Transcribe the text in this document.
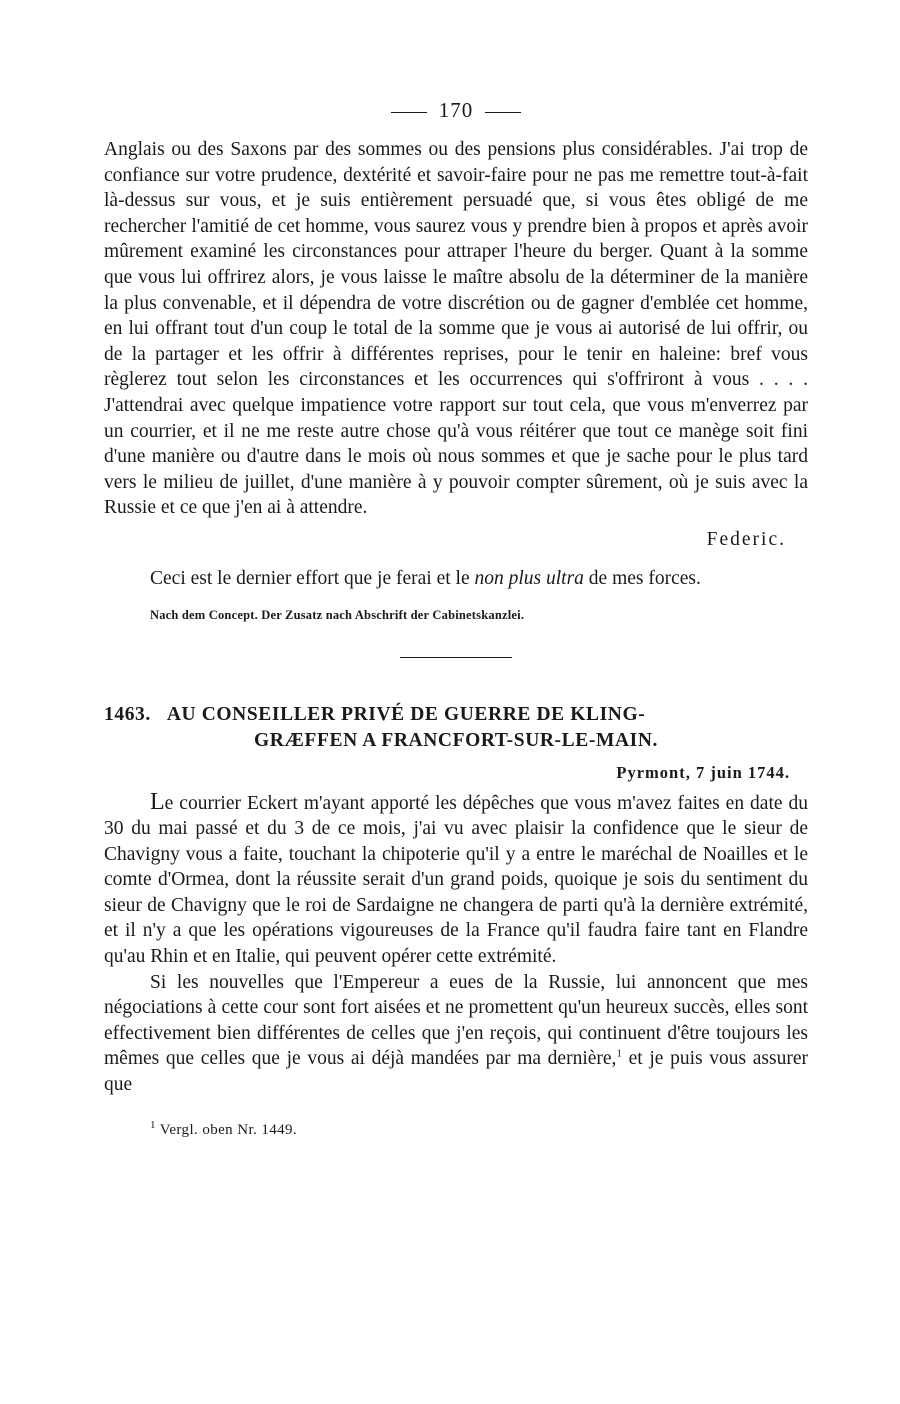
170

Anglais ou des Saxons par des sommes ou des pensions plus considérables. J'ai trop de confiance sur votre prudence, dextérité et savoir-faire pour ne pas me remettre tout-à-fait là-dessus sur vous, et je suis entièrement persuadé que, si vous êtes obligé de me rechercher l'amitié de cet homme, vous saurez vous y prendre bien à propos et après avoir mûrement examiné les circonstances pour attraper l'heure du berger. Quant à la somme que vous lui offrirez alors, je vous laisse le maître absolu de la déterminer de la manière la plus convenable, et il dépendra de votre discrétion ou de gagner d'emblée cet homme, en lui offrant tout d'un coup le total de la somme que je vous ai autorisé de lui offrir, ou de la partager et les offrir à différentes reprises, pour le tenir en haleine: bref vous règlerez tout selon les circonstances et les occurrences qui s'offriront à vous . . . . J'attendrai avec quelque impatience votre rapport sur tout cela, que vous m'enverrez par un courrier, et il ne me reste autre chose qu'à vous réitérer que tout ce manège soit fini d'une manière ou d'autre dans le mois où nous sommes et que je sache pour le plus tard vers le milieu de juillet, d'une manière à y pouvoir compter sûrement, où je suis avec la Russie et ce que j'en ai à attendre.

Federic.

Ceci est le dernier effort que je ferai et le non plus ultra de mes forces.

Nach dem Concept. Der Zusatz nach Abschrift der Cabinetskanzlei.
1463. AU CONSEILLER PRIVÉ DE GUERRE DE KLING-
GRÆFFEN A FRANCFORT-SUR-LE-MAIN.
Pyrmont, 7 juin 1744.

Le courrier Eckert m'ayant apporté les dépêches que vous m'avez faites en date du 30 du mai passé et du 3 de ce mois, j'ai vu avec plaisir la confidence que le sieur de Chavigny vous a faite, touchant la chipoterie qu'il y a entre le maréchal de Noailles et le comte d'Ormea, dont la réussite serait d'un grand poids, quoique je sois du sentiment du sieur de Chavigny que le roi de Sardaigne ne changera de parti qu'à la dernière extrémité, et il n'y a que les opérations vigoureuses de la France qu'il faudra faire tant en Flandre qu'au Rhin et en Italie, qui peuvent opérer cette extrémité.

Si les nouvelles que l'Empereur a eues de la Russie, lui annoncent que mes négociations à cette cour sont fort aisées et ne promettent qu'un heureux succès, elles sont effectivement bien différentes de celles que j'en reçois, qui continuent d'être toujours les mêmes que celles que je vous ai déjà mandées par ma dernière,$^1$ et je puis vous assurer que

$^1$ Vergl. oben Nr. 1449.
